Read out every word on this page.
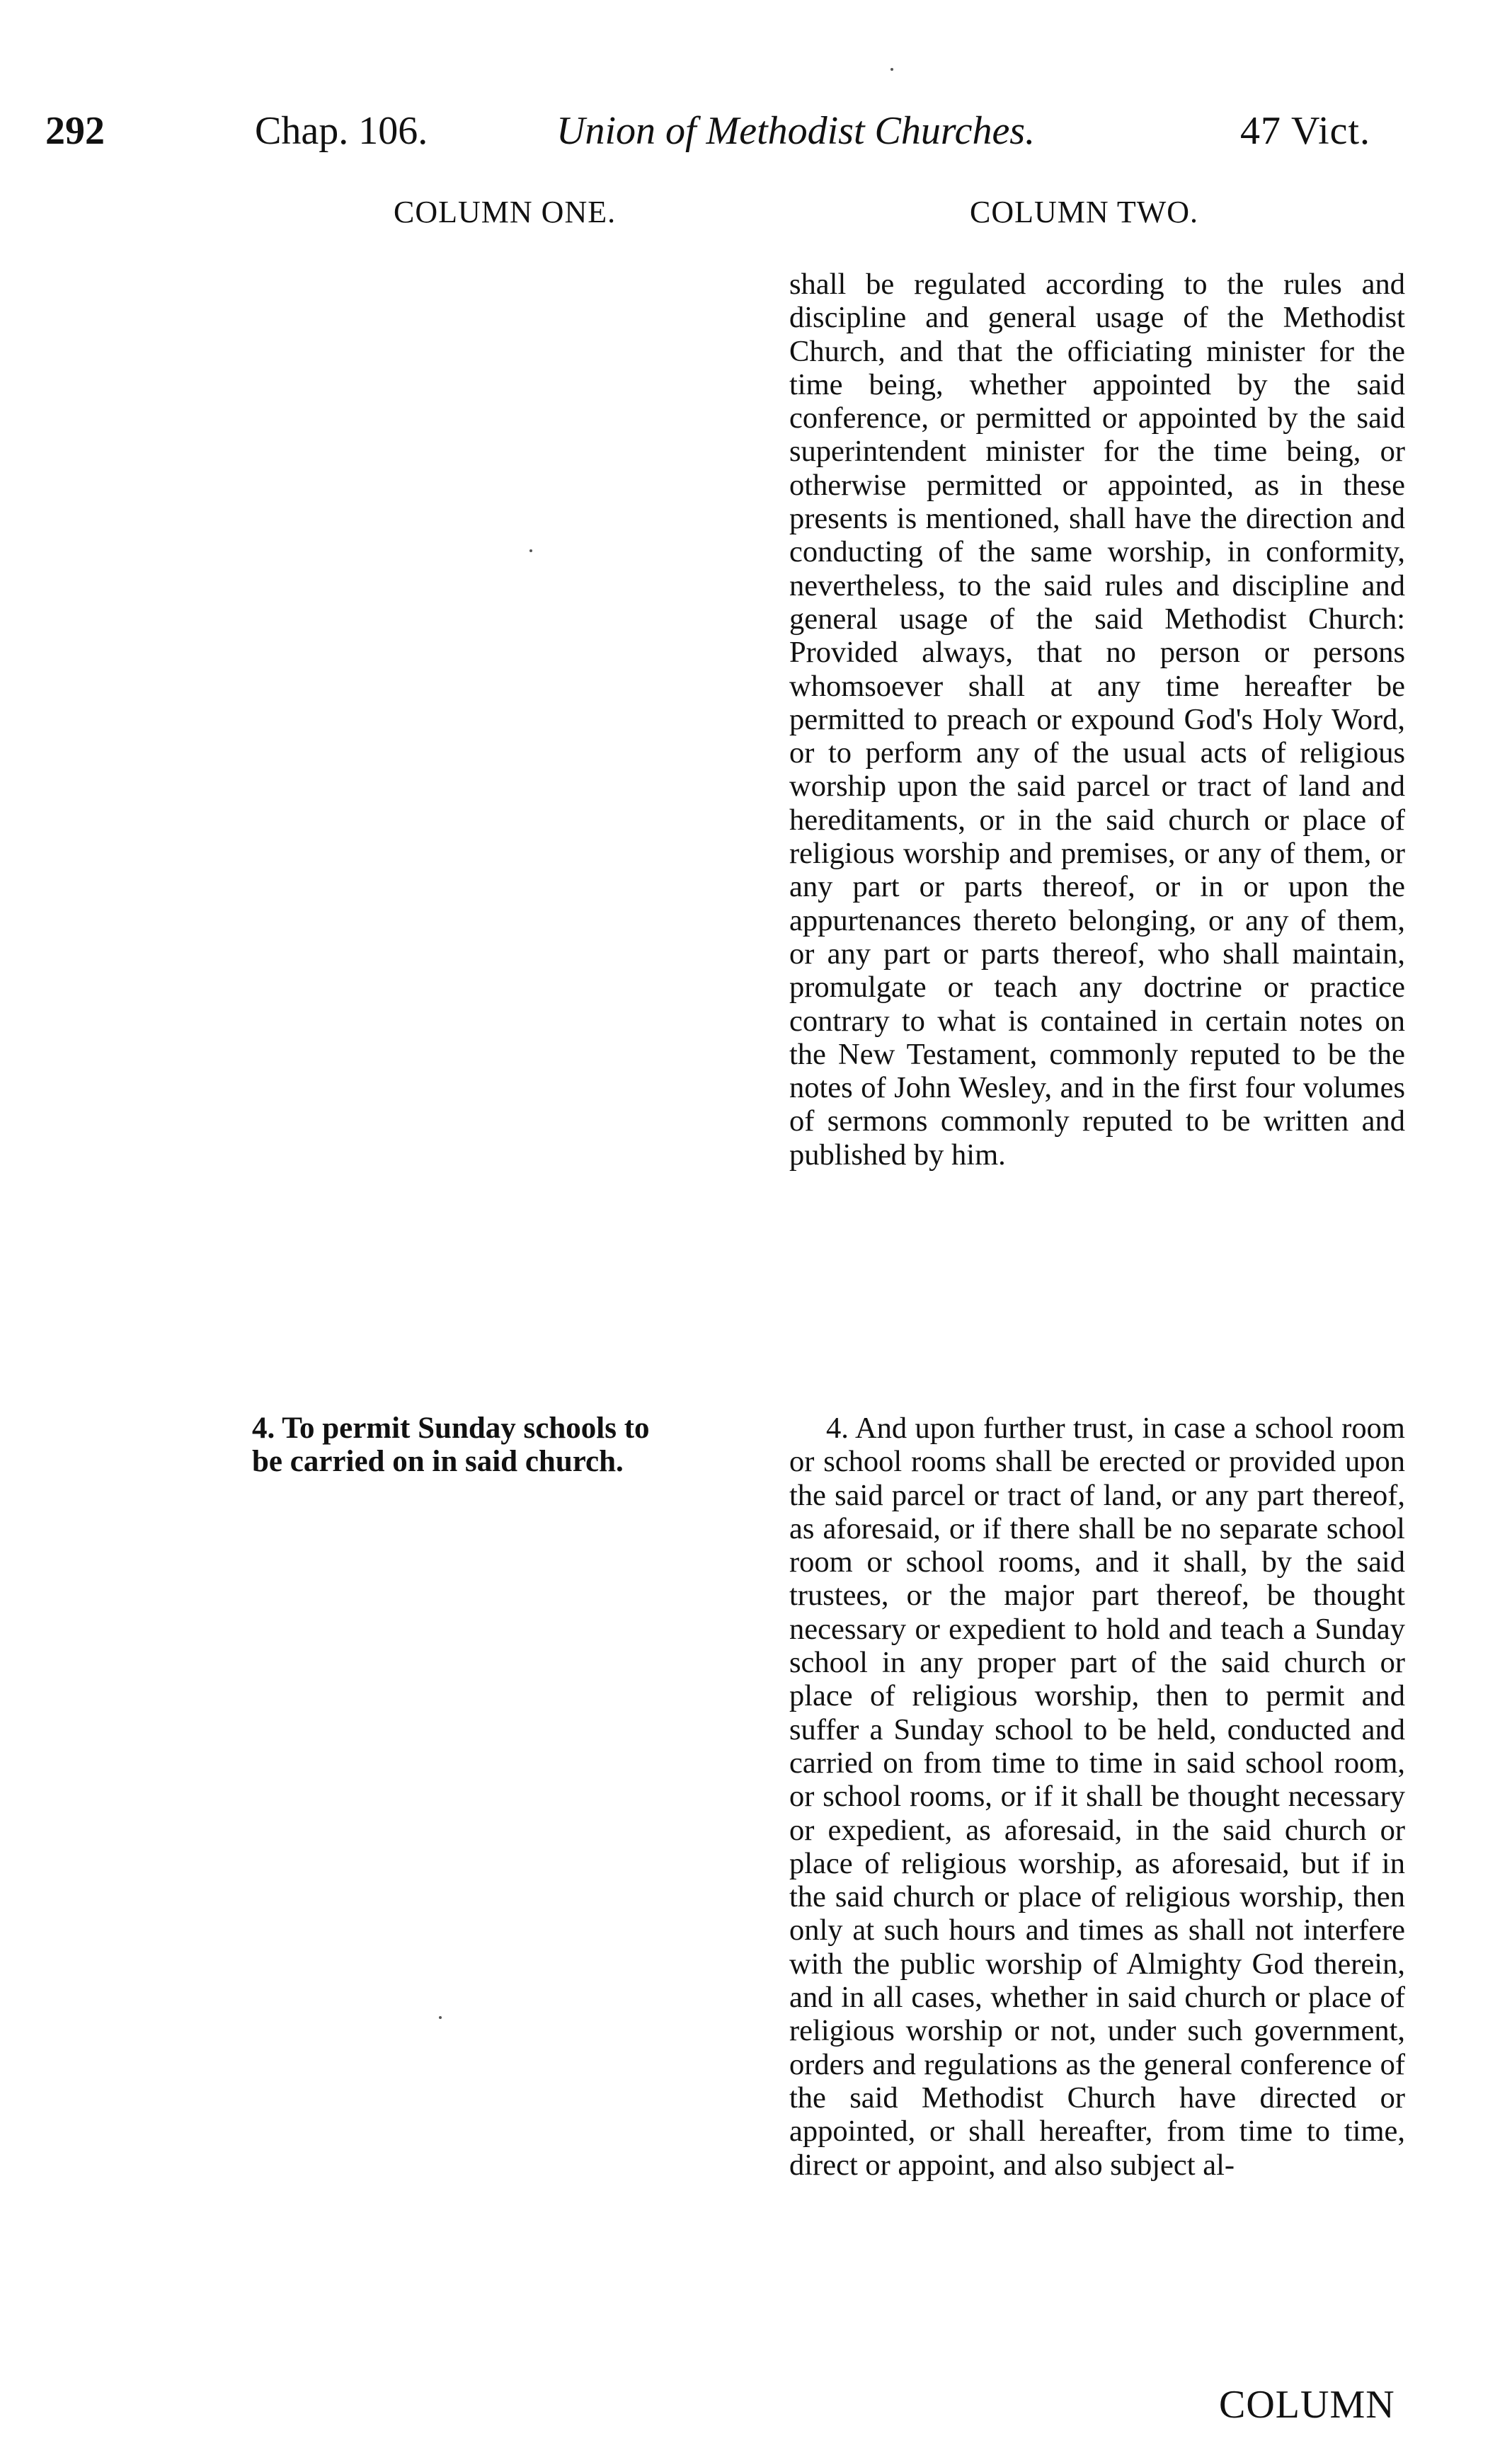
292	Chap. 106.	Union of Methodist Churches.	47 Vict.
COLUMN ONE.	COLUMN TWO.

shall be regulated according to the rules and discipline and general usage of the Methodist Church, and that the officiating minister for the time being, whether appointed by the said conference, or permitted or appointed by the said superintendent minister for the time being, or otherwise permitted or appointed, as in these presents is mentioned, shall have the direction and conducting of the same worship, in conformity, nevertheless, to the said rules and discipline and general usage of the said Methodist Church: Provided always, that no person or persons whomsoever shall at any time hereafter be permitted to preach or expound God's Holy Word, or to perform any of the usual acts of religious worship upon the said parcel or tract of land and hereditaments, or in the said church or place of religious worship and premises, or any of them, or any part or parts thereof, or in or upon the appurtenances thereto belonging, or any of them, or any part or parts thereof, who shall maintain, promulgate or teach any doctrine or practice contrary to what is contained in certain notes on the New Testament, commonly reputed to be the notes of John Wesley, and in the first four volumes of sermons commonly reputed to be written and published by him.

4. To permit Sunday schools to
be carried on in said church.

4. And upon further trust, in case a school room or school rooms shall be erected or provided upon the said parcel or tract of land, or any part thereof, as aforesaid, or if there shall be no separate school room or school rooms, and it shall, by the said trustees, or the major part thereof, be thought necessary or expedient to hold and teach a Sunday school in any proper part of the said church or place of religious worship, then to permit and suffer a Sunday school to be held, conducted and carried on from time to time in said school room, or school rooms, or if it shall be thought necessary or expedient, as aforesaid, in the said church or place of religious worship, as aforesaid, but if in the said church or place of religious worship, then only at such hours and times as shall not interfere with the public worship of Almighty God therein, and in all cases, whether in said church or place of religious worship or not, under such government, orders and regulations as the general conference of the said Methodist Church have directed or appointed, or shall hereafter, from time to time, direct or appoint, and also subject al-

COLUMN
